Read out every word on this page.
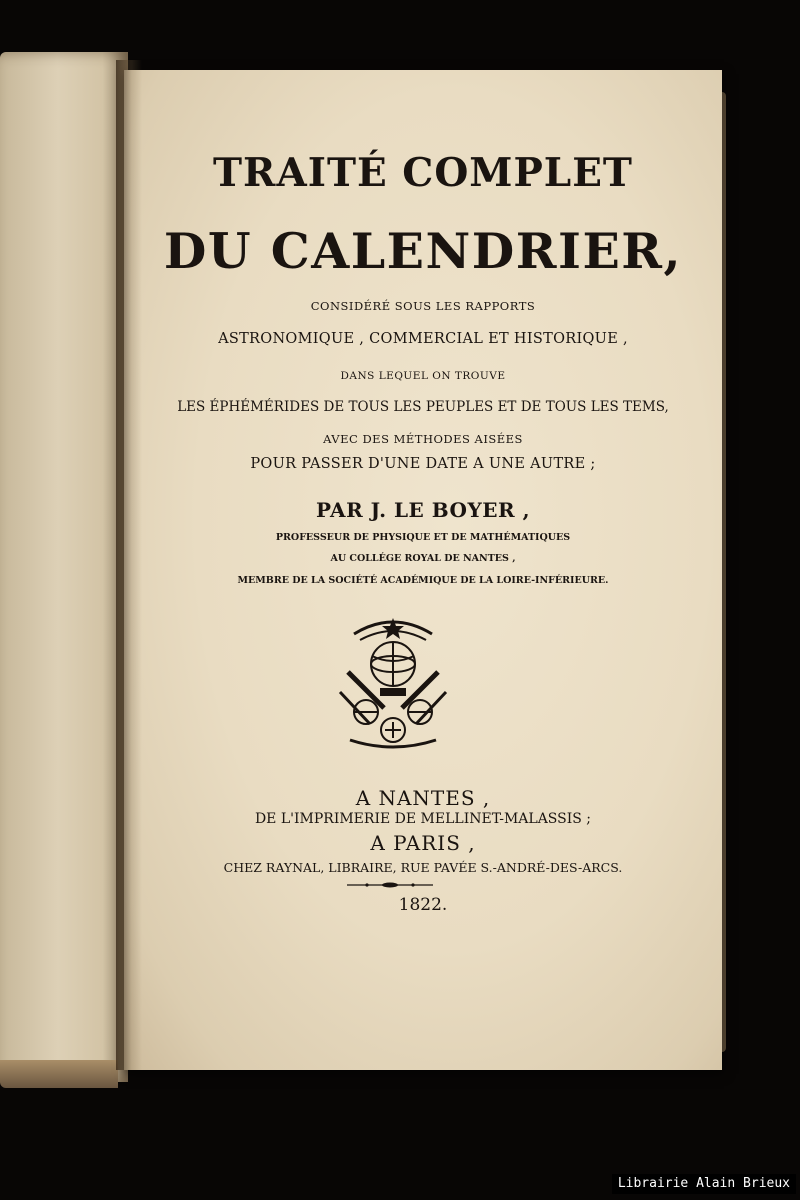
TRAITÉ COMPLET

DU CALENDRIER,

CONSIDÉRÉ SOUS LES RAPPORTS

ASTRONOMIQUE , COMMERCIAL ET HISTORIQUE ,

DANS LEQUEL ON TROUVE

LES ÉPHÉMÉRIDES DE TOUS LES PEUPLES ET DE TOUS LES TEMS,

AVEC DES MÉTHODES AISÉES

POUR PASSER D'UNE DATE A UNE AUTRE ;

PAR J. LE BOYER ,

PROFESSEUR DE PHYSIQUE ET DE MATHÉMATIQUES

AU COLLÉGE ROYAL DE NANTES ,

MEMBRE DE LA SOCIÉTÉ ACADÉMIQUE DE LA LOIRE-INFÉRIEURE.

A NANTES ,

DE L'IMPRIMERIE DE MELLINET-MALASSIS ;

A PARIS ,

CHEZ RAYNAL, LIBRAIRE, RUE PAVÉE S.-ANDRÉ-DES-ARCS.

1822.

Librairie Alain Brieux
